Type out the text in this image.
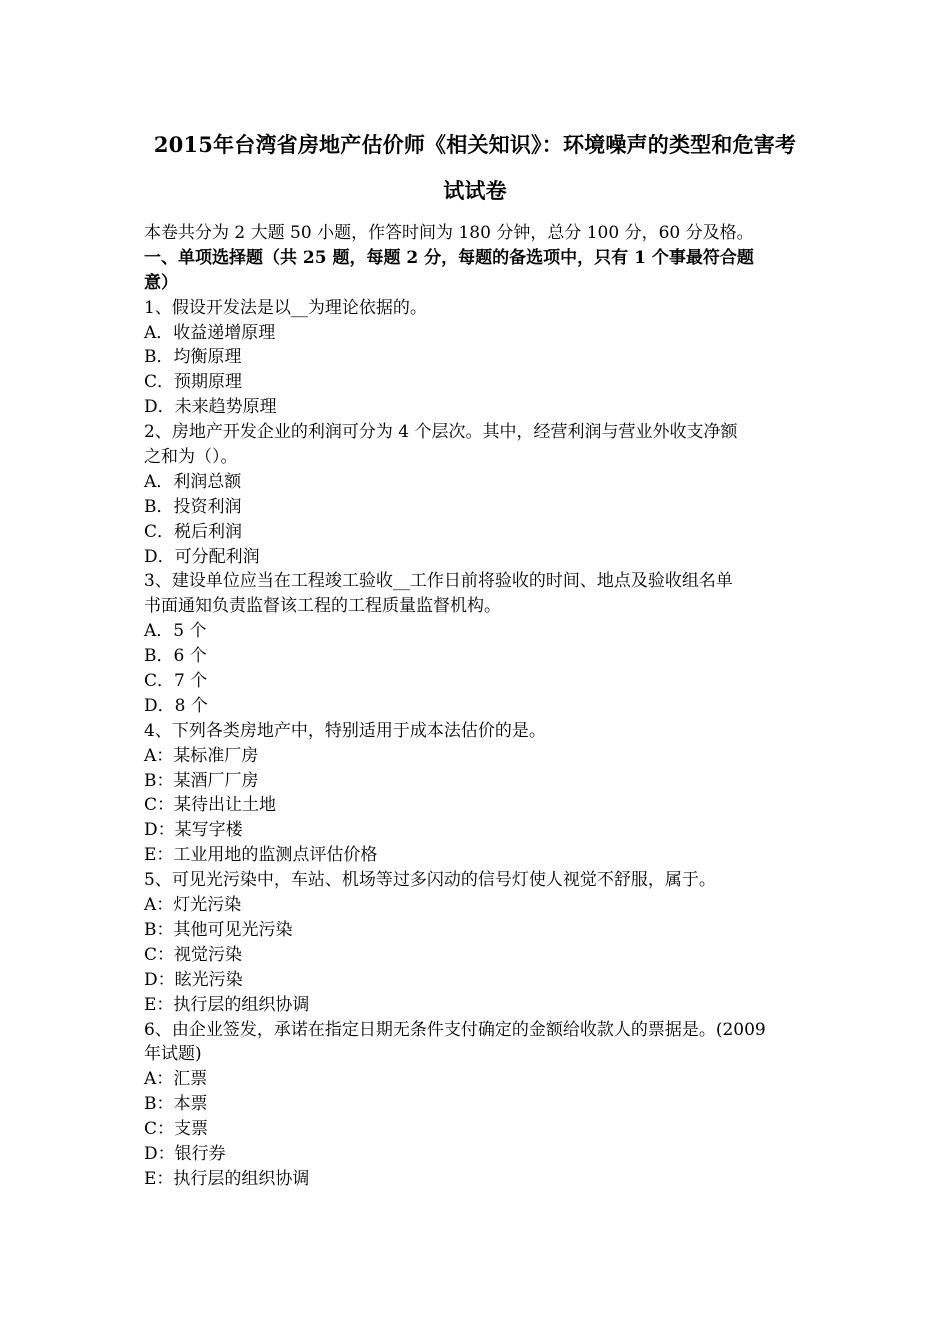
2015年台湾省房地产估价师《相关知识》：环境噪声的类型和危害考
试试卷
本卷共分为 2 大题 50 小题，作答时间为 180 分钟，总分 100 分，60 分及格。
一、单项选择题（共 25 题，每题 2 分，每题的备选项中，只有 1 个事最符合题
意）
1、假设开发法是以__为理论依据的。
A．收益递增原理
B．均衡原理
C．预期原理
D．未来趋势原理
2、房地产开发企业的利润可分为 4 个层次。其中，经营利润与营业外收支净额
之和为（）。
A．利润总额
B．投资利润
C．税后利润
D．可分配利润
3、建设单位应当在工程竣工验收__工作日前将验收的时间、地点及验收组名单
书面通知负责监督该工程的工程质量监督机构。
A．5 个
B．6 个
C．7 个
D．8 个
4、下列各类房地产中，特别适用于成本法估价的是。
A：某标准厂房
B：某酒厂厂房
C：某待出让土地
D：某写字楼
E：工业用地的监测点评估价格
5、可见光污染中，车站、机场等过多闪动的信号灯使人视觉不舒服，属于。
A：灯光污染
B：其他可见光污染
C：视觉污染
D：眩光污染
E：执行层的组织协调
6、由企业签发，承诺在指定日期无条件支付确定的金额给收款人的票据是。(2009
年试题)
A：汇票
B：本票
C：支票
D：银行券
E：执行层的组织协调
